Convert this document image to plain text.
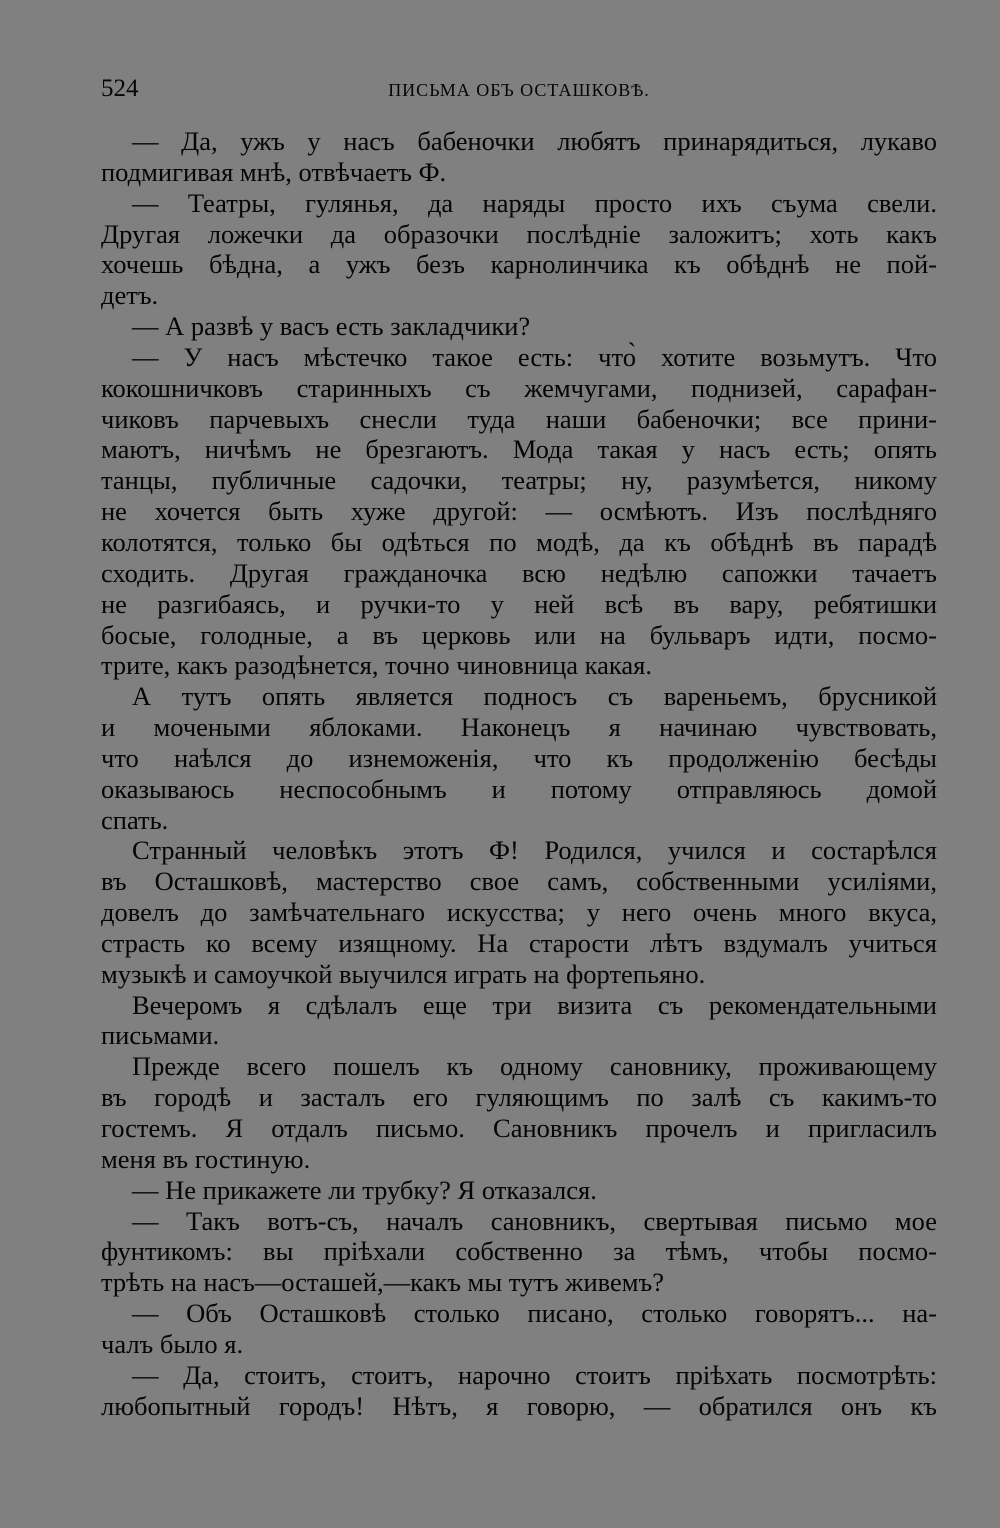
524	ПИСЬМА ОБЪ ОСТАШКОВѢ.
— Да, ужъ у насъ бабеночки любятъ принарядиться, лукаво
подмигивая мнѣ, отвѣчаетъ Ф.
— Театры, гулянья, да наряды просто ихъ съума свели.
Другая ложечки да образочки послѣдніе заложитъ; хоть какъ
хочешь бѣдна, а ужъ безъ карнолинчика къ обѣднѣ не пой-
детъ.
— А развѣ у васъ есть закладчики?
— У насъ мѣстечко такое есть: что̀ хотите возьмутъ. Что
кокошничковъ старинныхъ съ жемчугами, поднизей, сарафан-
чиковъ парчевыхъ снесли туда наши бабеночки; все прини-
маютъ, ничѣмъ не брезгаютъ. Мода такая у насъ есть; опять
танцы, публичные садочки, театры; ну, разумѣется, никому
не хочется быть хуже другой: — осмѣютъ. Изъ послѣдняго
колотятся, только бы одѣться по модѣ, да къ обѣднѣ въ парадѣ
сходить. Другая гражданочка всю недѣлю сапожки тачаетъ
не разгибаясь, и ручки-то у ней всѣ въ вару, ребятишки
босые, голодные, а въ церковь или на бульваръ идти, посмо-
трите, какъ разодѣнется, точно чиновница какая.
А тутъ опять является подносъ съ вареньемъ, брусникой
и мочеными яблоками. Наконецъ я начинаю чувствовать,
что наѣлся до изнеможенія, что къ продолженію бесѣды
оказываюсь неспособнымъ и потому отправляюсь домой
спать.
Странный человѣкъ этотъ Ф! Родился, учился и состарѣлся
въ Осташковѣ, мастерство свое самъ, собственными усиліями,
довелъ до замѣчательнаго искусства; у него очень много вкуса,
страсть ко всему изящному. На старости лѣтъ вздумалъ учиться
музыкѣ и самоучкой выучился играть на фортепьяно.
Вечеромъ я сдѣлалъ еще три визита съ рекомендательными
письмами.
Прежде всего пошелъ къ одному сановнику, проживающему
въ городѣ и засталъ его гуляющимъ по залѣ съ какимъ-то
гостемъ. Я отдалъ письмо. Сановникъ прочелъ и пригласилъ
меня въ гостиную.
— Не прикажете ли трубку? Я отказался.
— Такъ вотъ-съ, началъ сановникъ, свертывая письмо мое
фунтикомъ: вы пріѣхали собственно за тѣмъ, чтобы посмо-
трѣть на насъ—осташей,—какъ мы тутъ живемъ?
— Объ Осташковѣ столько писано, столько говорятъ... на-
чалъ было я.
— Да, стоитъ, стоитъ, нарочно стоитъ пріѣхать посмотрѣть:
любопытный городъ! Нѣтъ, я говорю, — обратился онъ къ
